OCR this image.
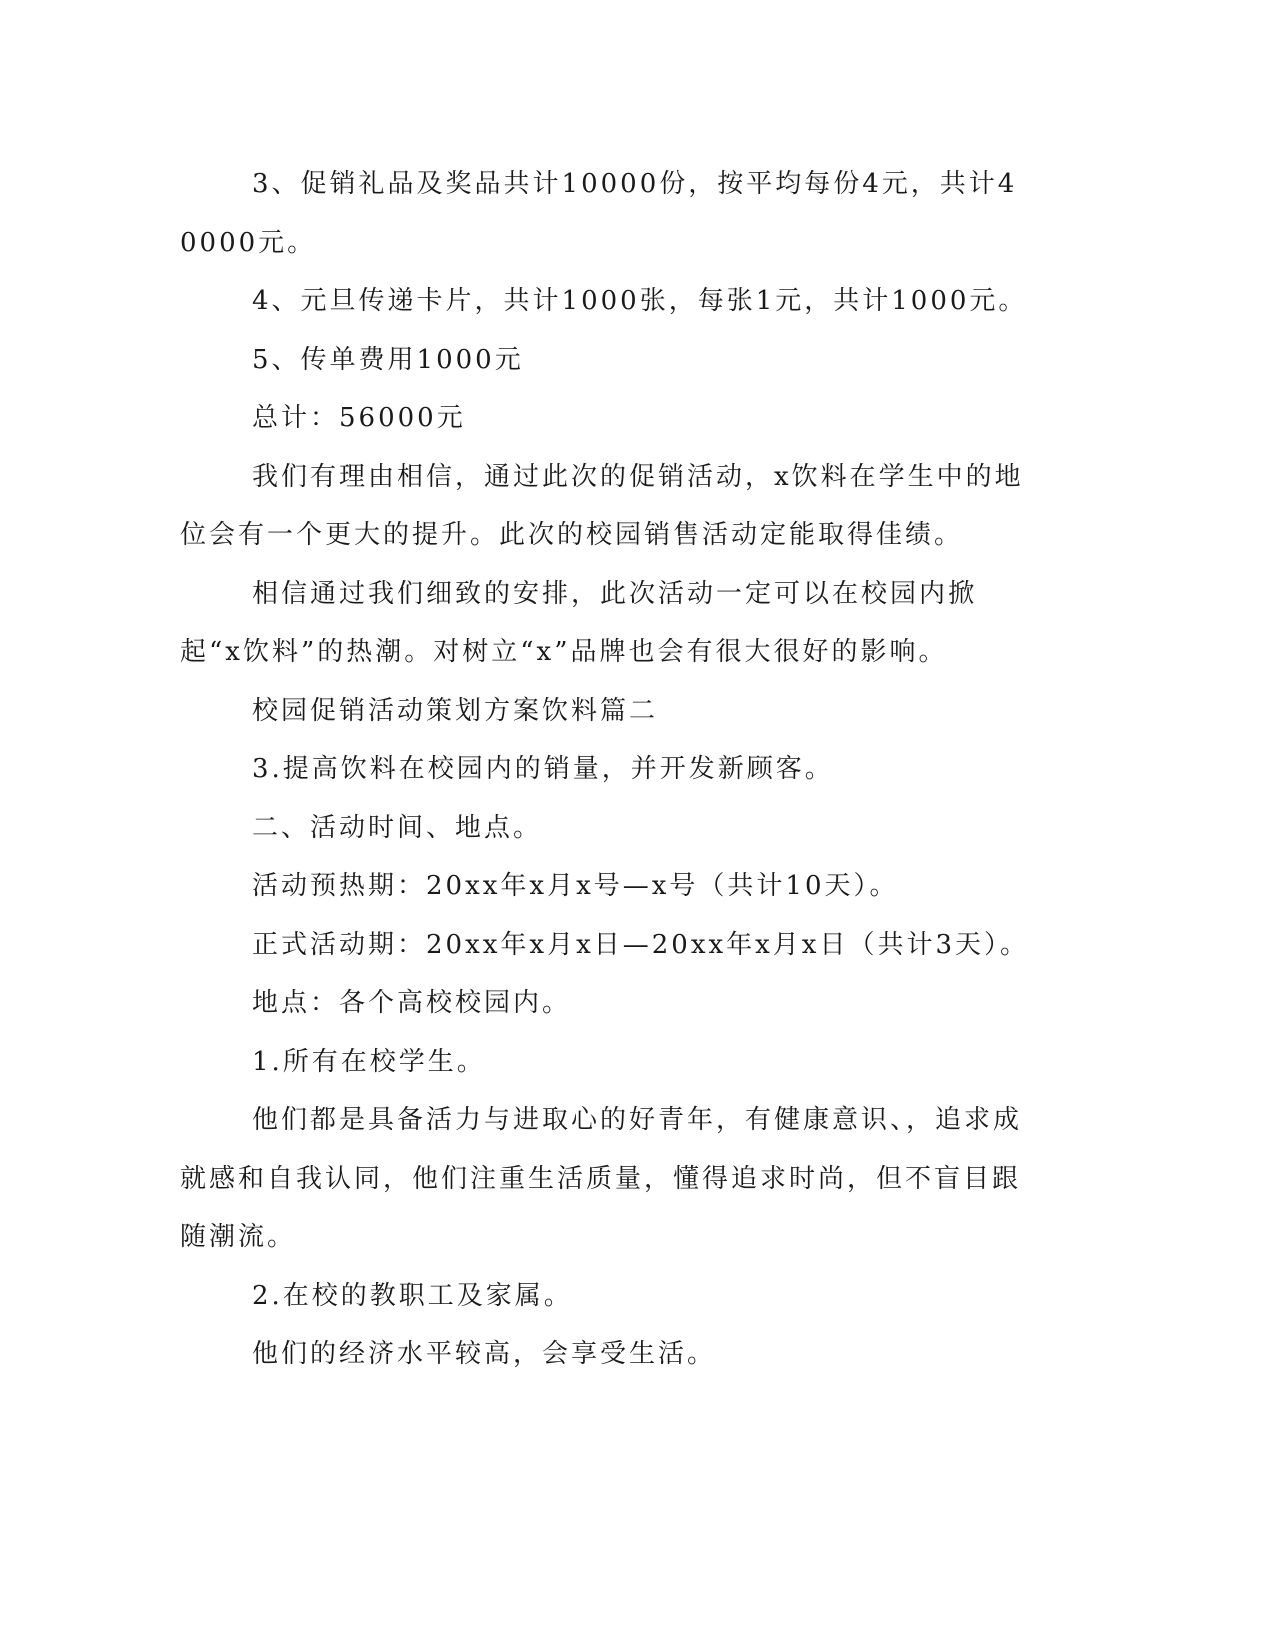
3、促销礼品及奖品共计10000份，按平均每份4元，共计40000元。

4、元旦传递卡片，共计1000张，每张1元，共计1000元。

5、传单费用1000元

总计：56000元

我们有理由相信，通过此次的促销活动，x饮料在学生中的地位会有一个更大的提升。此次的校园销售活动定能取得佳绩。

相信通过我们细致的安排，此次活动一定可以在校园内掀起“x饮料”的热潮。对树立“x”品牌也会有很大很好的影响。

校园促销活动策划方案饮料篇二

3.提高饮料在校园内的销量，并开发新顾客。

二、活动时间、地点。

活动预热期：20xx年x月x号—x号（共计10天）。

正式活动期：20xx年x月x日—20xx年x月x日（共计3天）。

地点：各个高校校园内。

1.所有在校学生。

他们都是具备活力与进取心的好青年，有健康意识、，追求成就感和自我认同，他们注重生活质量，懂得追求时尚，但不盲目跟随潮流。

2.在校的教职工及家属。

他们的经济水平较高，会享受生活。
